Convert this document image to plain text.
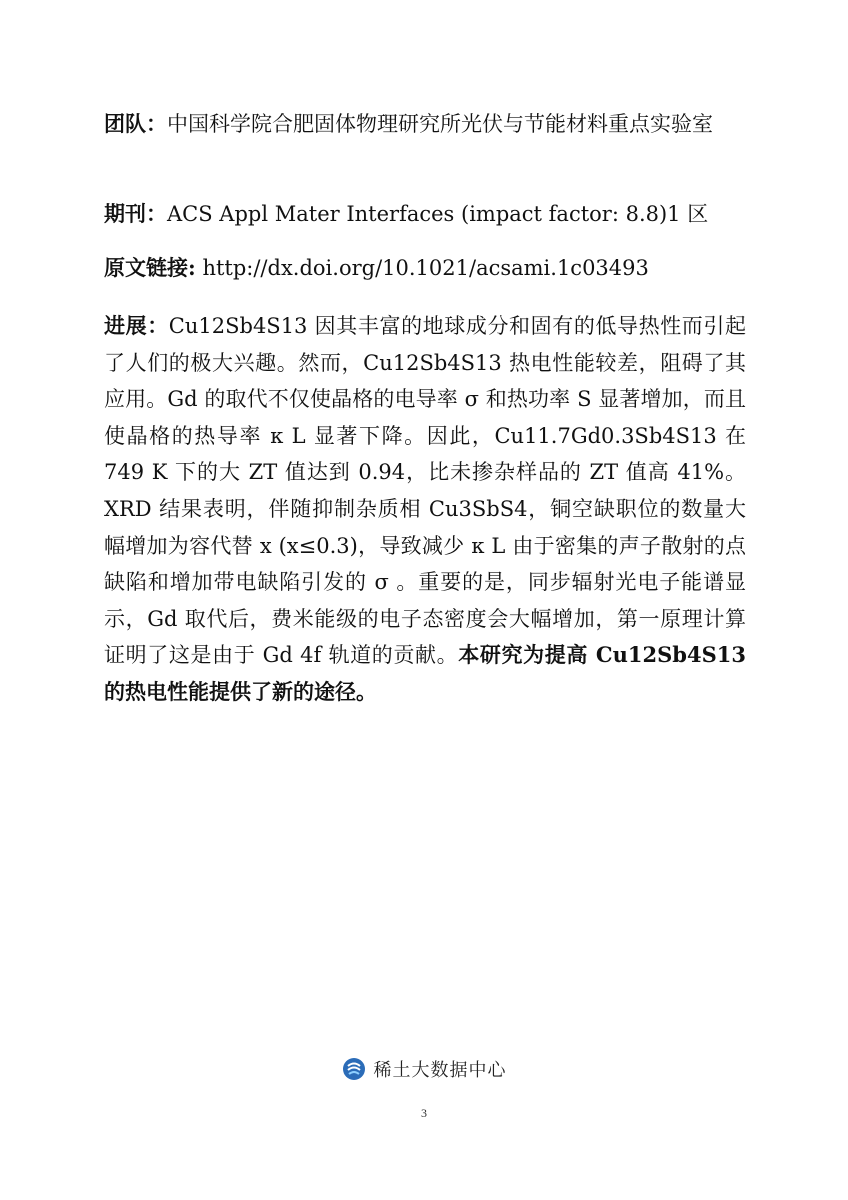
团队：中国科学院合肥固体物理研究所光伏与节能材料重点实验室

期刊：ACS Appl Mater Interfaces (impact factor: 8.8)1 区

原文链接: http://dx.doi.org/10.1021/acsami.1c03493

进展：Cu12Sb4S13 因其丰富的地球成分和固有的低导热性而引起了人们的极大兴趣。然而，Cu12Sb4S13 热电性能较差，阻碍了其应用。Gd 的取代不仅使晶格的电导率 σ 和热功率 S 显著增加，而且使晶格的热导率 κ L 显著下降。因此，Cu11.7Gd0.3Sb4S13 在 749 K 下的大 ZT 值达到 0.94，比未掺杂样品的 ZT 值高 41%。XRD 结果表明，伴随抑制杂质相 Cu3SbS4，铜空缺职位的数量大幅增加为容代替 x (x≤0.3)，导致减少 κ L 由于密集的声子散射的点缺陷和增加带电缺陷引发的 σ 。重要的是，同步辐射光电子能谱显示，Gd 取代后，费米能级的电子态密度会大幅增加，第一原理计算证明了这是由于 Gd 4f 轨道的贡献。本研究为提高 Cu12Sb4S13 的热电性能提供了新的途径。

稀土大数据中心
3
